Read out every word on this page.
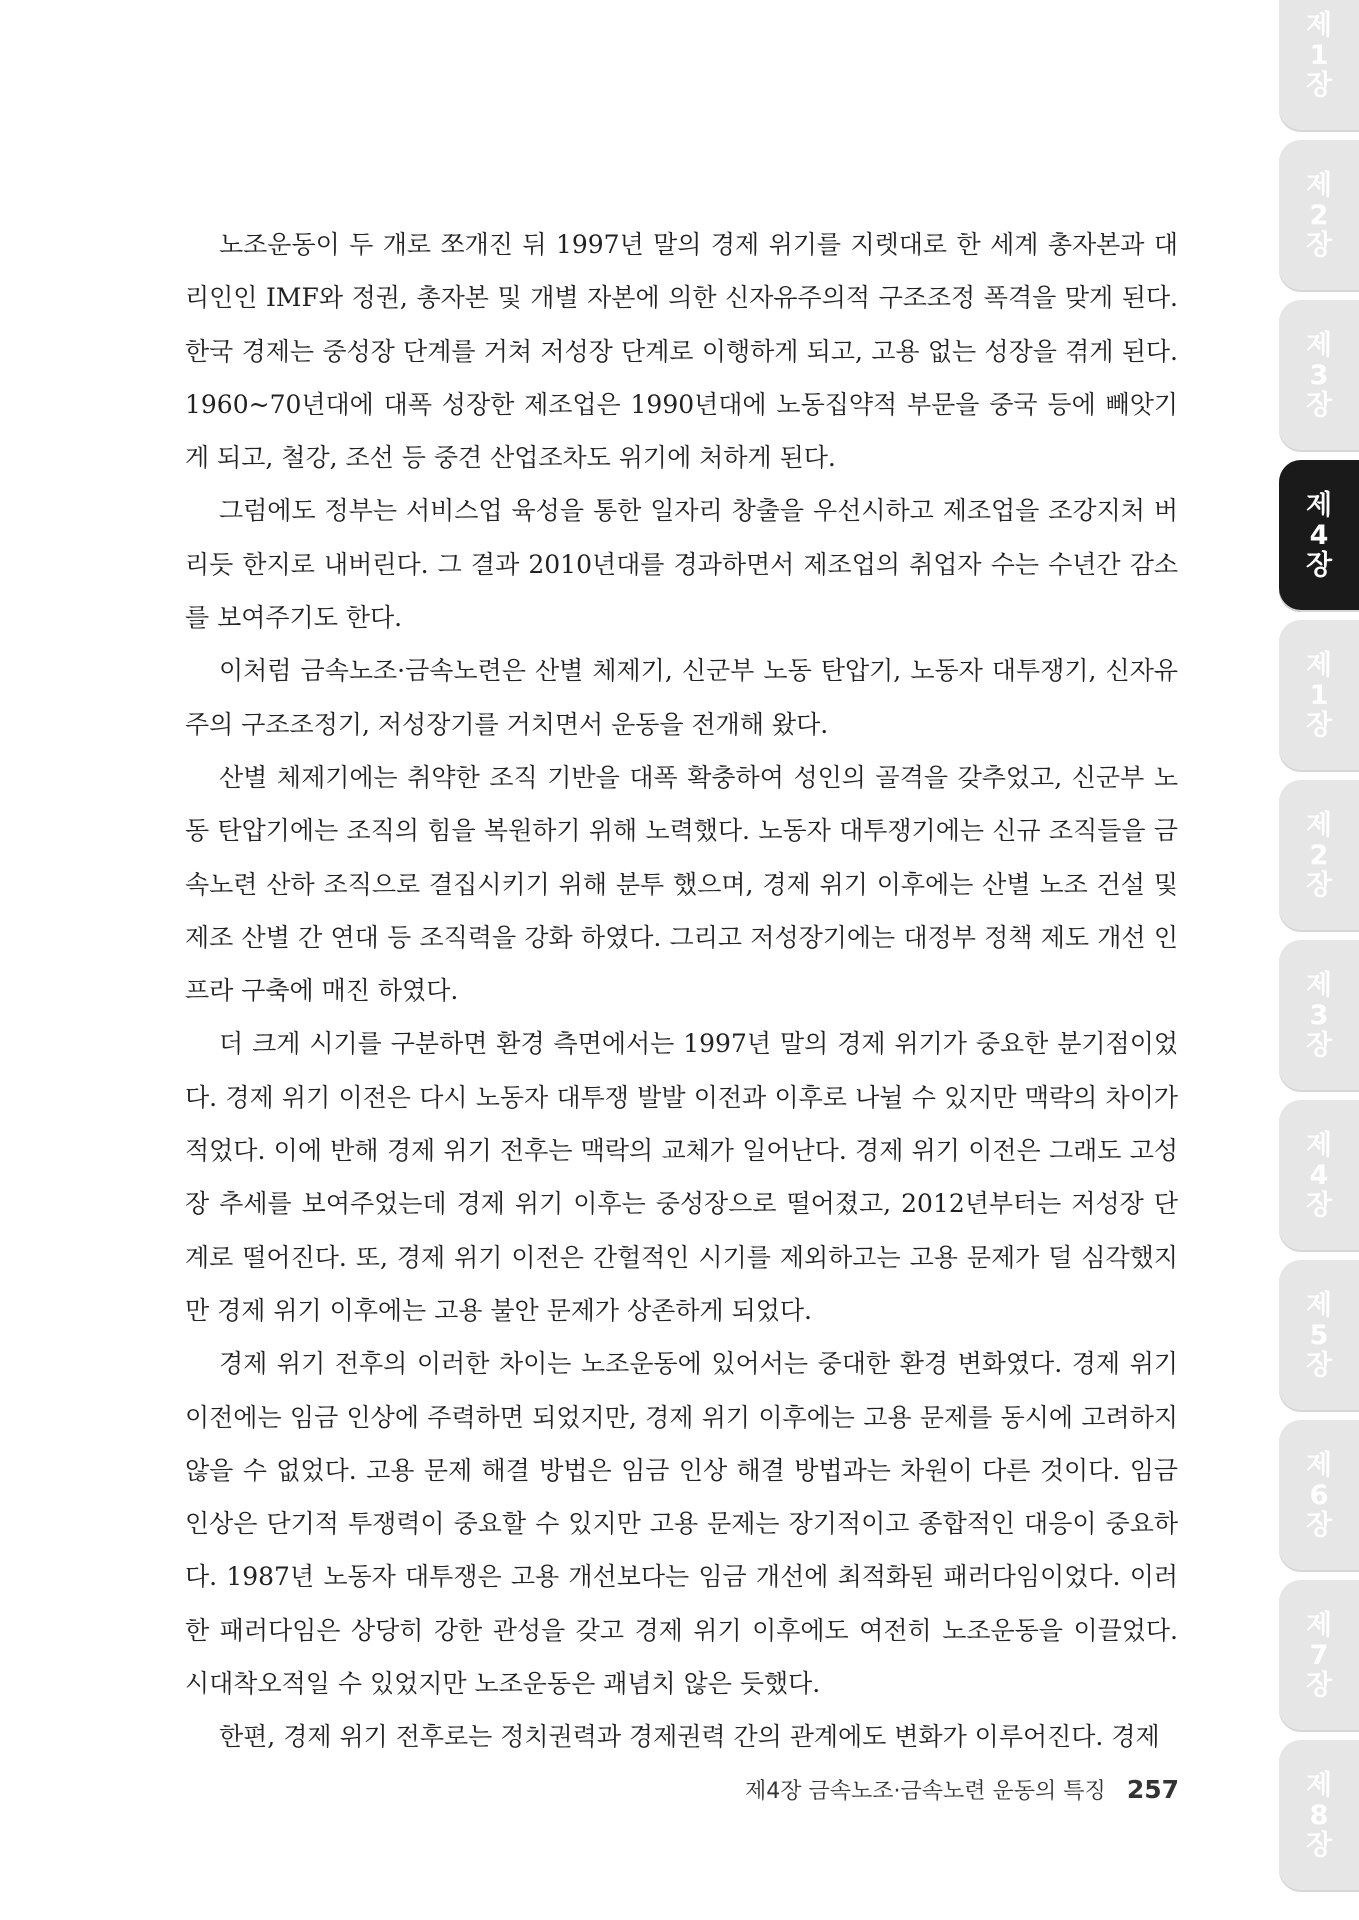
노조운동이 두 개로 쪼개진 뒤 1997년 말의 경제 위기를 지렛대로 한 세계 총자본과 대리인인 IMF와 정권, 총자본 및 개별 자본에 의한 신자유주의적 구조조정 폭격을 맞게 된다. 한국 경제는 중성장 단계를 거쳐 저성장 단계로 이행하게 되고, 고용 없는 성장을 겪게 된다. 1960~70년대에 대폭 성장한 제조업은 1990년대에 노동집약적 부문을 중국 등에 빼앗기게 되고, 철강, 조선 등 중견 산업조차도 위기에 처하게 된다.

그럼에도 정부는 서비스업 육성을 통한 일자리 창출을 우선시하고 제조업을 조강지처 버리듯 한지로 내버린다. 그 결과 2010년대를 경과하면서 제조업의 취업자 수는 수년간 감소를 보여주기도 한다.

이처럼 금속노조·금속노련은 산별 체제기, 신군부 노동 탄압기, 노동자 대투쟁기, 신자유주의 구조조정기, 저성장기를 거치면서 운동을 전개해 왔다.

산별 체제기에는 취약한 조직 기반을 대폭 확충하여 성인의 골격을 갖추었고, 신군부 노동 탄압기에는 조직의 힘을 복원하기 위해 노력했다. 노동자 대투쟁기에는 신규 조직들을 금속노련 산하 조직으로 결집시키기 위해 분투 했으며, 경제 위기 이후에는 산별 노조 건설 및 제조 산별 간 연대 등 조직력을 강화 하였다. 그리고 저성장기에는 대정부 정책 제도 개선 인프라 구축에 매진 하였다.

더 크게 시기를 구분하면 환경 측면에서는 1997년 말의 경제 위기가 중요한 분기점이었다. 경제 위기 이전은 다시 노동자 대투쟁 발발 이전과 이후로 나뉠 수 있지만 맥락의 차이가 적었다. 이에 반해 경제 위기 전후는 맥락의 교체가 일어난다. 경제 위기 이전은 그래도 고성장 추세를 보여주었는데 경제 위기 이후는 중성장으로 떨어졌고, 2012년부터는 저성장 단계로 떨어진다. 또, 경제 위기 이전은 간헐적인 시기를 제외하고는 고용 문제가 덜 심각했지만 경제 위기 이후에는 고용 불안 문제가 상존하게 되었다.

경제 위기 전후의 이러한 차이는 노조운동에 있어서는 중대한 환경 변화였다. 경제 위기 이전에는 임금 인상에 주력하면 되었지만, 경제 위기 이후에는 고용 문제를 동시에 고려하지 않을 수 없었다. 고용 문제 해결 방법은 임금 인상 해결 방법과는 차원이 다른 것이다. 임금 인상은 단기적 투쟁력이 중요할 수 있지만 고용 문제는 장기적이고 종합적인 대응이 중요하다. 1987년 노동자 대투쟁은 고용 개선보다는 임금 개선에 최적화된 패러다임이었다. 이러한 패러다임은 상당히 강한 관성을 갖고 경제 위기 이후에도 여전히 노조운동을 이끌었다. 시대착오적일 수 있었지만 노조운동은 괘념치 않은 듯했다.

한편, 경제 위기 전후로는 정치권력과 경제권력 간의 관계에도 변화가 이루어진다. 경제

제4장 금속노조·금속노련 운동의 특징 257
제
1
장
제
2
장
제
3
장
제
4
장
제
1
장
제
2
장
제
3
장
제
4
장
제
5
장
제
6
장
제
7
장
제
8
장
